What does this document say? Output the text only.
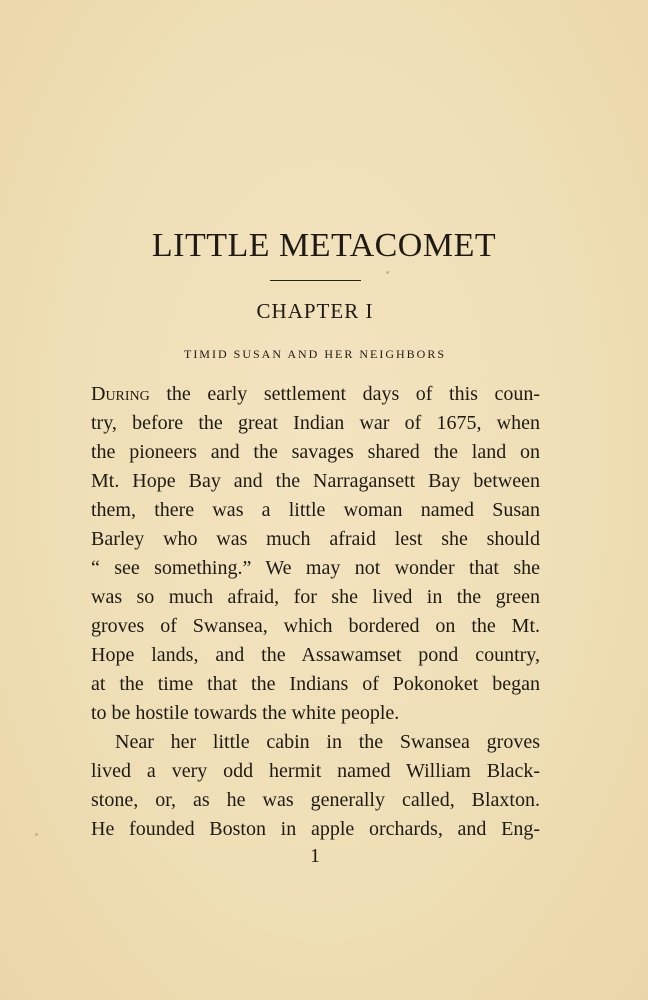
LITTLE METACOMET
CHAPTER I
TIMID SUSAN AND HER NEIGHBORS
During the early settlement days of this coun-
try, before the great Indian war of 1675, when
the pioneers and the savages shared the land on
Mt. Hope Bay and the Narragansett Bay between
them, there was a little woman named Susan
Barley who was much afraid lest she should
“ see something.” We may not wonder that she
was so much afraid, for she lived in the green
groves of Swansea, which bordered on the Mt.
Hope lands, and the Assawamset pond country,
at the time that the Indians of Pokonoket began
to be hostile towards the white people.
Near her little cabin in the Swansea groves
lived a very odd hermit named William Black-
stone, or, as he was generally called, Blaxton.
He founded Boston in apple orchards, and Eng-
1
